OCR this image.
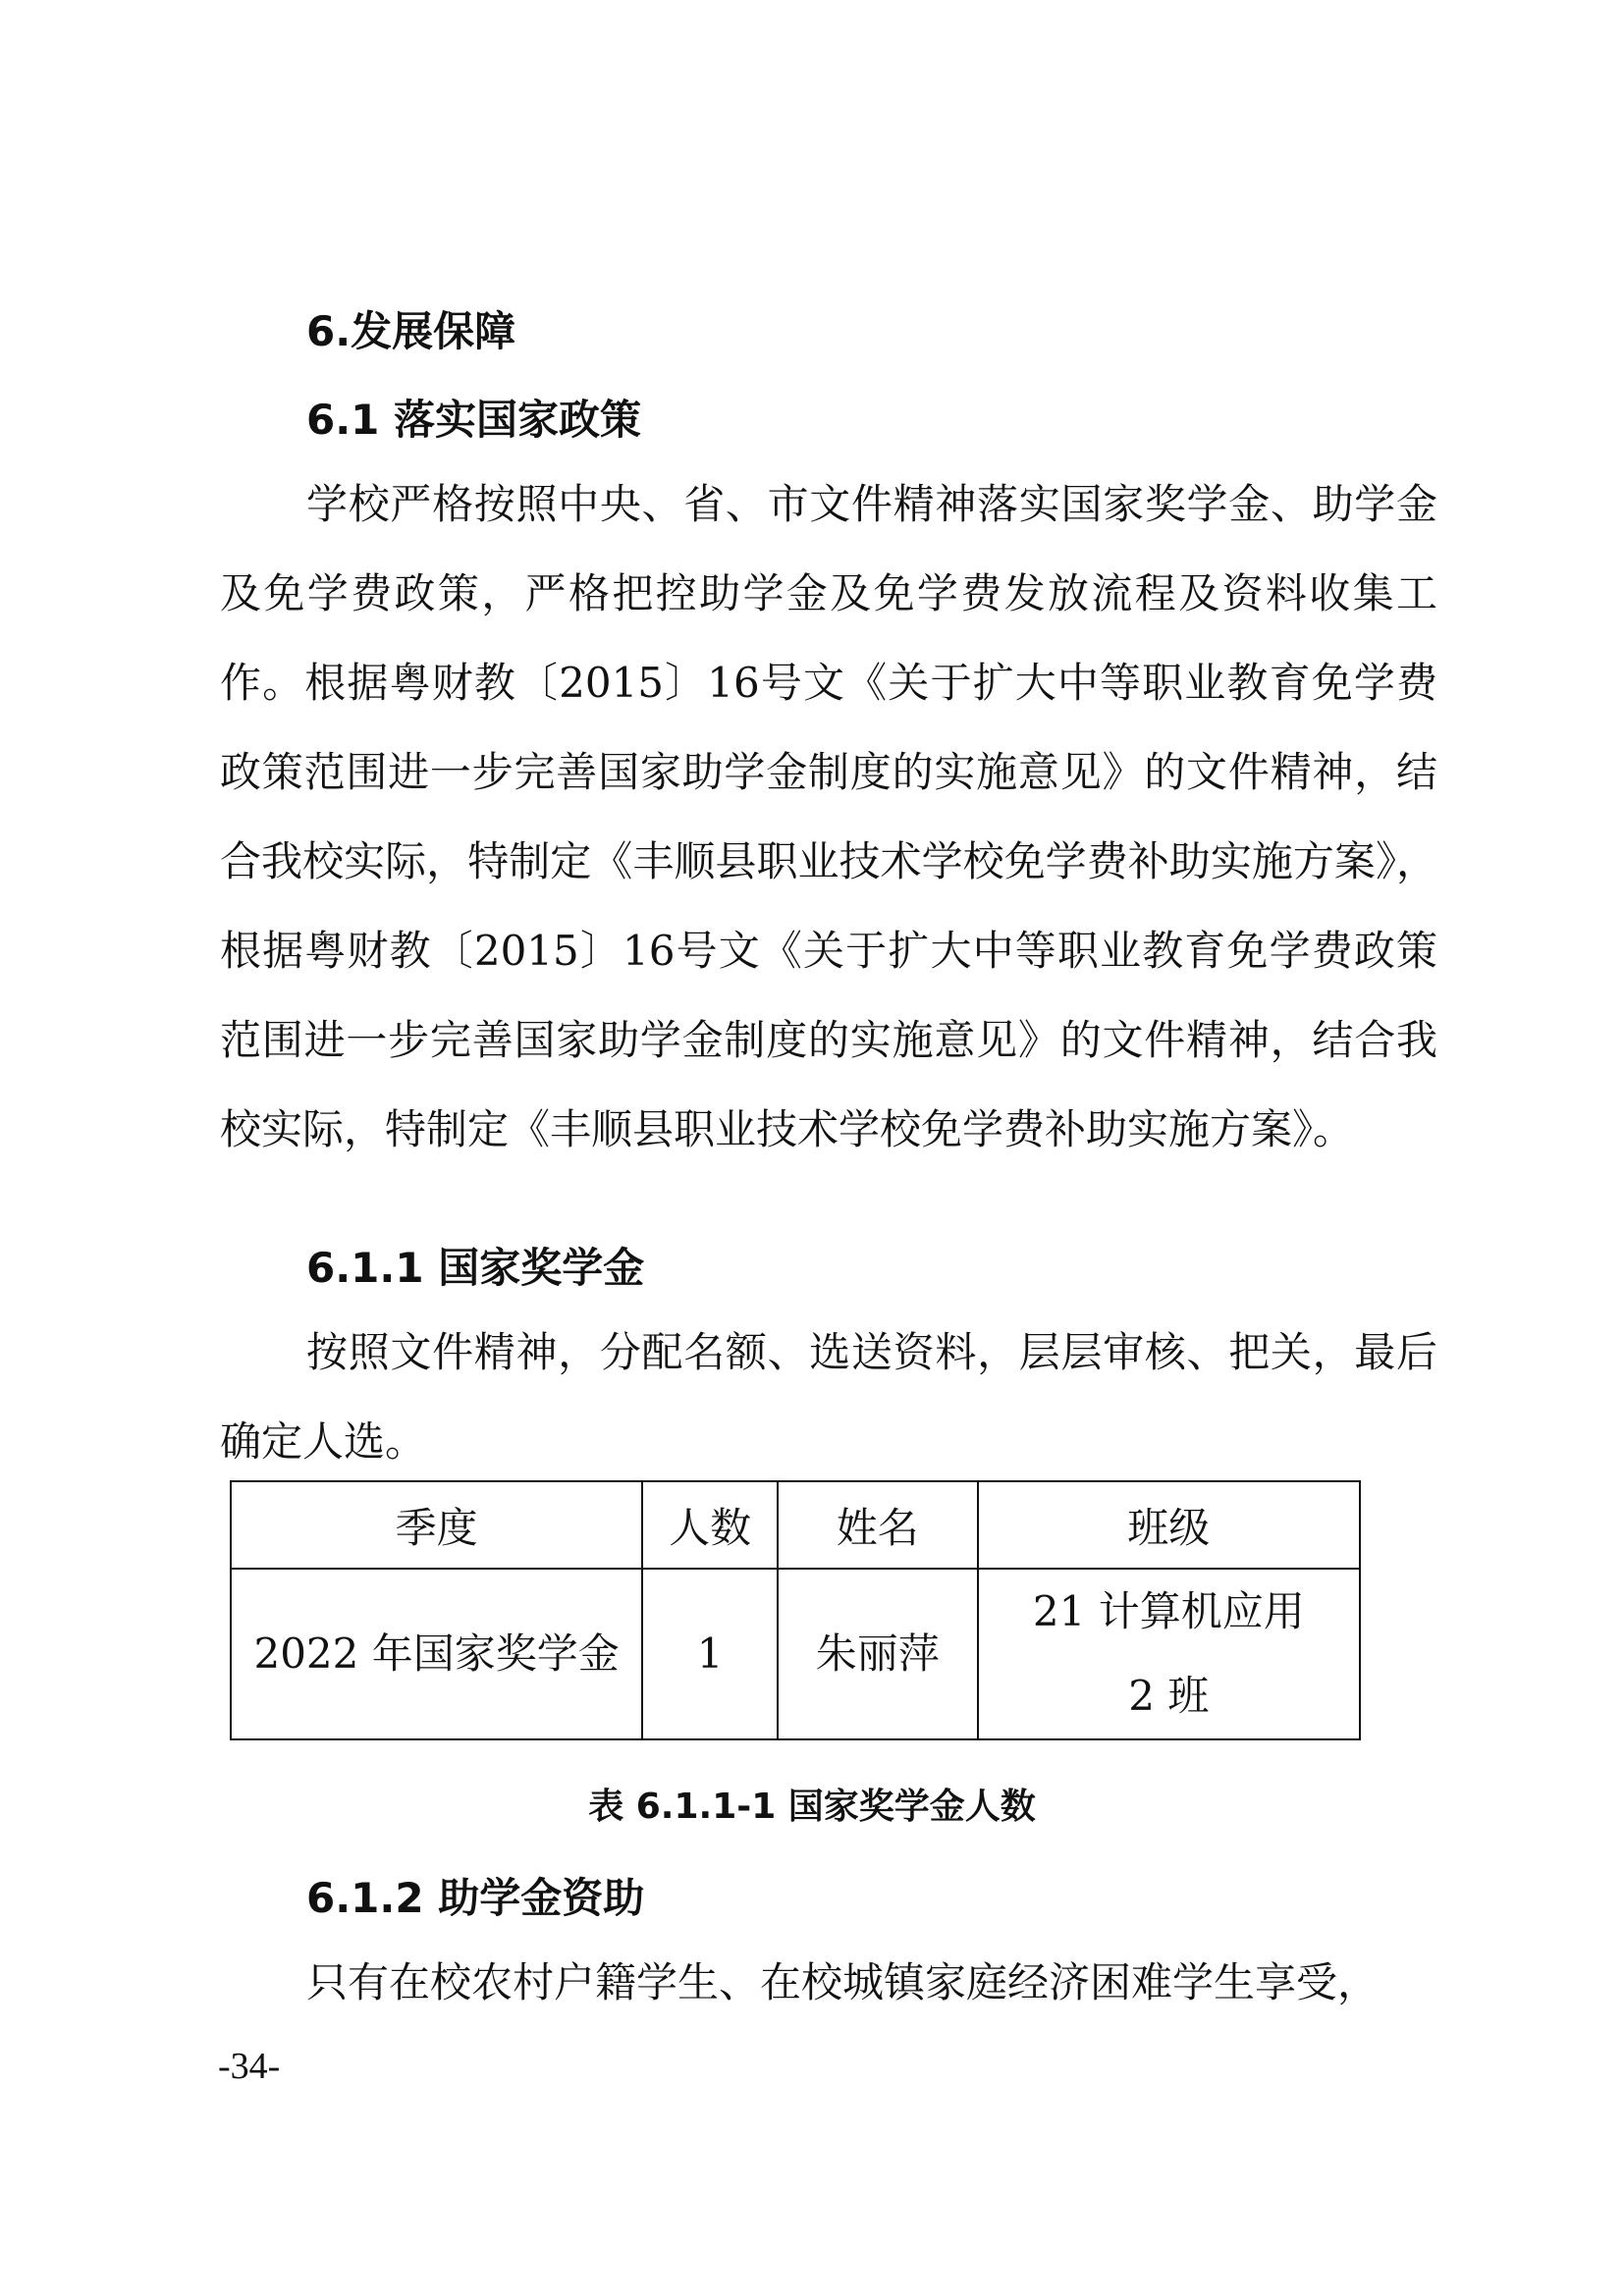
6.发展保障
6.1 落实国家政策

学校严格按照中央、省、市文件精神落实国家奖学金、助学金及免学费政策，严格把控助学金及免学费发放流程及资料收集工作。根据粤财教〔2015〕16号文《关于扩大中等职业教育免学费政策范围进一步完善国家助学金制度的实施意见》的文件精神，结合我校实际，特制定《丰顺县职业技术学校免学费补助实施方案》，根据粤财教〔2015〕16号文《关于扩大中等职业教育免学费政策范围进一步完善国家助学金制度的实施意见》的文件精神，结合我校实际，特制定《丰顺县职业技术学校免学费补助实施方案》。

6.1.1 国家奖学金

按照文件精神，分配名额、选送资料，层层审核、把关，最后确定人选。

季度	人数	姓名	班级
2022 年国家奖学金	1	朱丽萍	21 计算机应用 2 班
表 6.1.1-1 国家奖学金人数
6.1.2 助学金资助

只有在校农村户籍学生、在校城镇家庭经济困难学生享受，

-34-
